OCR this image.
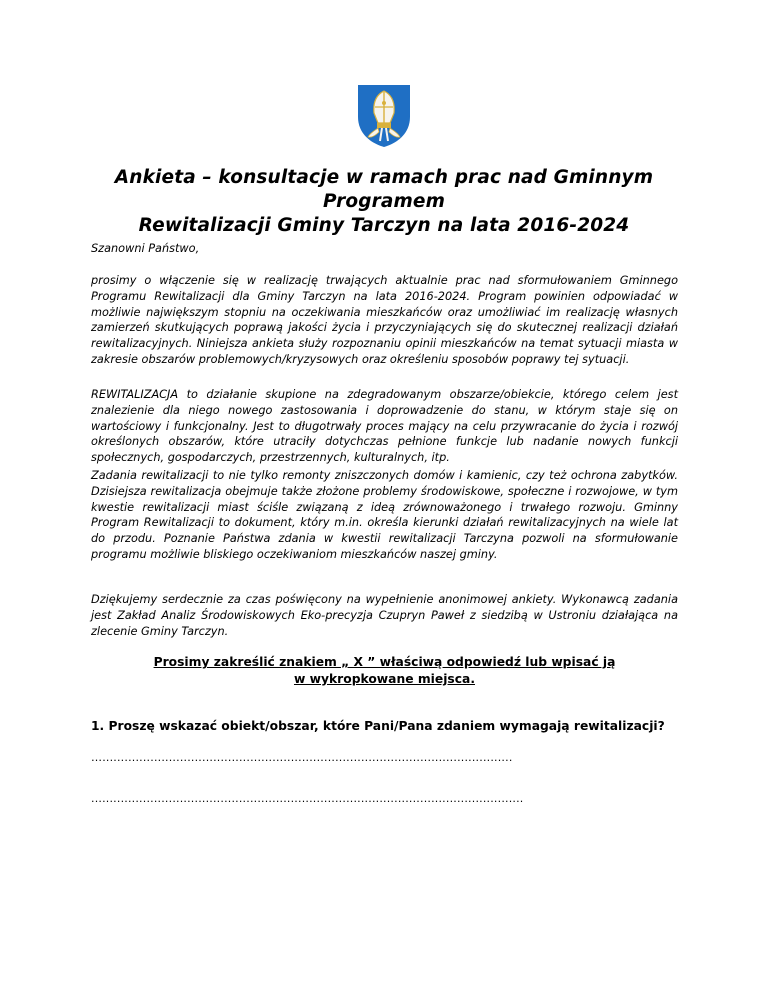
Ankieta – konsultacje w ramach prac nad Gminnym Programem
Rewitalizacji Gminy Tarczyn na lata 2016-2024

Szanowni Państwo,

prosimy o włączenie się w realizację trwających aktualnie prac nad sformułowaniem Gminnego Programu Rewitalizacji dla Gminy Tarczyn na lata 2016-2024. Program powinien odpowiadać w możliwie największym stopniu na oczekiwania mieszkańców oraz umożliwiać im realizację własnych zamierzeń skutkujących poprawą jakości życia i przyczyniających się do skutecznej realizacji działań rewitalizacyjnych. Niniejsza ankieta służy rozpoznaniu opinii mieszkańców na temat sytuacji miasta w zakresie obszarów problemowych/kryzysowych oraz określeniu sposobów poprawy tej sytuacji.

REWITALIZACJA to działanie skupione na zdegradowanym obszarze/obiekcie, którego celem jest znalezienie dla niego nowego zastosowania i doprowadzenie do stanu, w którym staje się on wartościowy i funkcjonalny. Jest to długotrwały proces mający na celu przywracanie do życia i rozwój określonych obszarów, które utraciły dotychczas pełnione funkcje lub nadanie nowych funkcji społecznych, gospodarczych, przestrzennych, kulturalnych, itp.

Zadania rewitalizacji to nie tylko remonty zniszczonych domów i kamienic, czy też ochrona zabytków. Dzisiejsza rewitalizacja obejmuje także złożone problemy środowiskowe, społeczne i rozwojowe, w tym kwestie rewitalizacji miast ściśle związaną z ideą zrównoważonego i trwałego rozwoju. Gminny Program Rewitalizacji to dokument, który m.in. określa kierunki działań rewitalizacyjnych na wiele lat do przodu. Poznanie Państwa zdania w kwestii rewitalizacji Tarczyna pozwoli na sformułowanie programu możliwie bliskiego oczekiwaniom mieszkańców naszej gminy.

Dziękujemy serdecznie za czas poświęcony na wypełnienie anonimowej ankiety. Wykonawcą zadania jest Zakład Analiz Środowiskowych Eko-precyzja Czupryn Paweł z siedzibą w Ustroniu działająca na zlecenie Gminy Tarczyn.

Prosimy zakreślić znakiem „ X ” właściwą odpowiedź lub wpisać ją
w wykropkowane miejsca.

1. Proszę wskazać obiekt/obszar, które Pani/Pana zdaniem wymagają rewitalizacji?

…...............................................................................................................
.....................................................................................................................
